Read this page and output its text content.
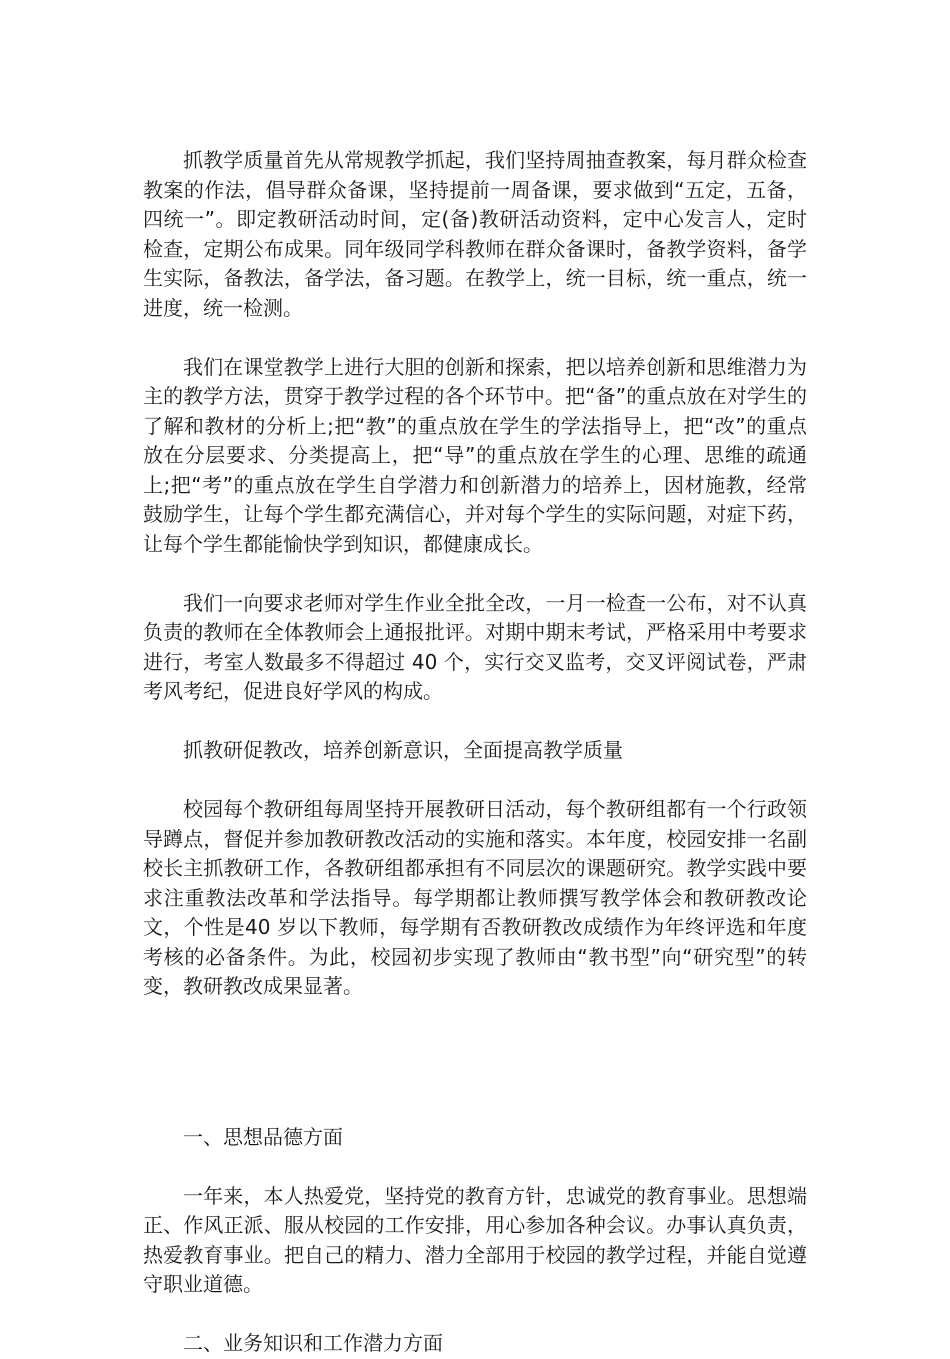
抓教学质量首先从常规教学抓起，我们坚持周抽查教案，每月群众检查教案的作法，倡导群众备课，坚持提前一周备课，要求做到“五定，五备，四统一”。即定教研活动时间，定(备)教研活动资料，定中心发言人，定时检查，定期公布成果。同年级同学科教师在群众备课时，备教学资料，备学生实际，备教法，备学法，备习题。在教学上，统一目标，统一重点，统一进度，统一检测。

我们在课堂教学上进行大胆的创新和探索，把以培养创新和思维潜力为主的教学方法，贯穿于教学过程的各个环节中。把“备”的重点放在对学生的了解和教材的分析上;把“教”的重点放在学生的学法指导上，把“改”的重点放在分层要求、分类提高上，把“导”的重点放在学生的心理、思维的疏通上;把“考”的重点放在学生自学潜力和创新潜力的培养上，因材施教，经常鼓励学生，让每个学生都充满信心，并对每个学生的实际问题，对症下药，让每个学生都能愉快学到知识，都健康成长。

我们一向要求老师对学生作业全批全改，一月一检查一公布，对不认真负责的教师在全体教师会上通报批评。对期中期末考试，严格采用中考要求进行，考室人数最多不得超过 40 个，实行交叉监考，交叉评阅试卷，严肃考风考纪，促进良好学风的构成。

抓教研促教改，培养创新意识，全面提高教学质量

校园每个教研组每周坚持开展教研日活动，每个教研组都有一个行政领导蹲点，督促并参加教研教改活动的实施和落实。本年度，校园安排一名副校长主抓教研工作，各教研组都承担有不同层次的课题研究。教学实践中要求注重教法改革和学法指导。每学期都让教师撰写教学体会和教研教改论文，个性是40 岁以下教师，每学期有否教研教改成绩作为年终评选和年度考核的必备条件。为此，校园初步实现了教师由“教书型”向“研究型”的转变，教研教改成果显著。

一、思想品德方面

一年来，本人热爱党，坚持党的教育方针，忠诚党的教育事业。思想端正、作风正派、服从校园的工作安排，用心参加各种会议。办事认真负责，热爱教育事业。把自己的精力、潜力全部用于校园的教学过程，并能自觉遵守职业道德。

二、业务知识和工作潜力方面
